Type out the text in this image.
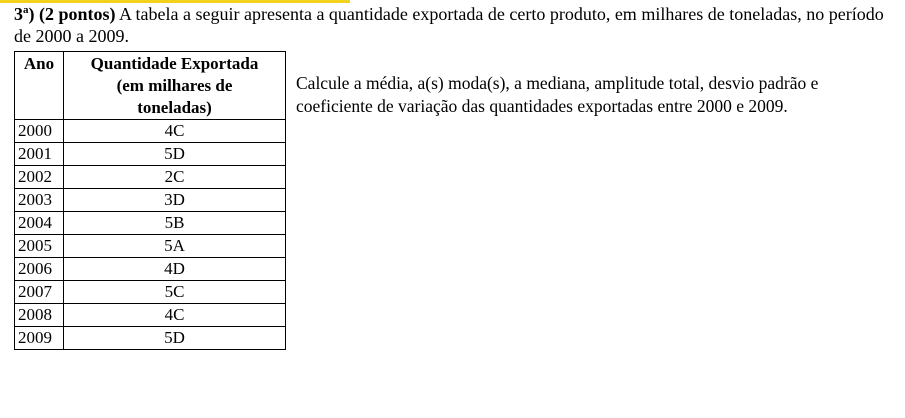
3$^a$) (2 pontos) A tabela a seguir apresenta a quantidade exportada de certo produto, em milhares de toneladas, no período de 2000 a 2009.
Ano	Quantidade Exportada
(em milhares de
toneladas)

2000	4C
2001	5D
2002	2C
2003	3D
2004	5B
2005	5A
2006	4D
2007	5C
2008	4C
2009	5D
Calcule a média, a(s) moda(s), a mediana, amplitude total, desvio padrão e coeficiente de variação das quantidades exportadas entre 2000 e 2009.
